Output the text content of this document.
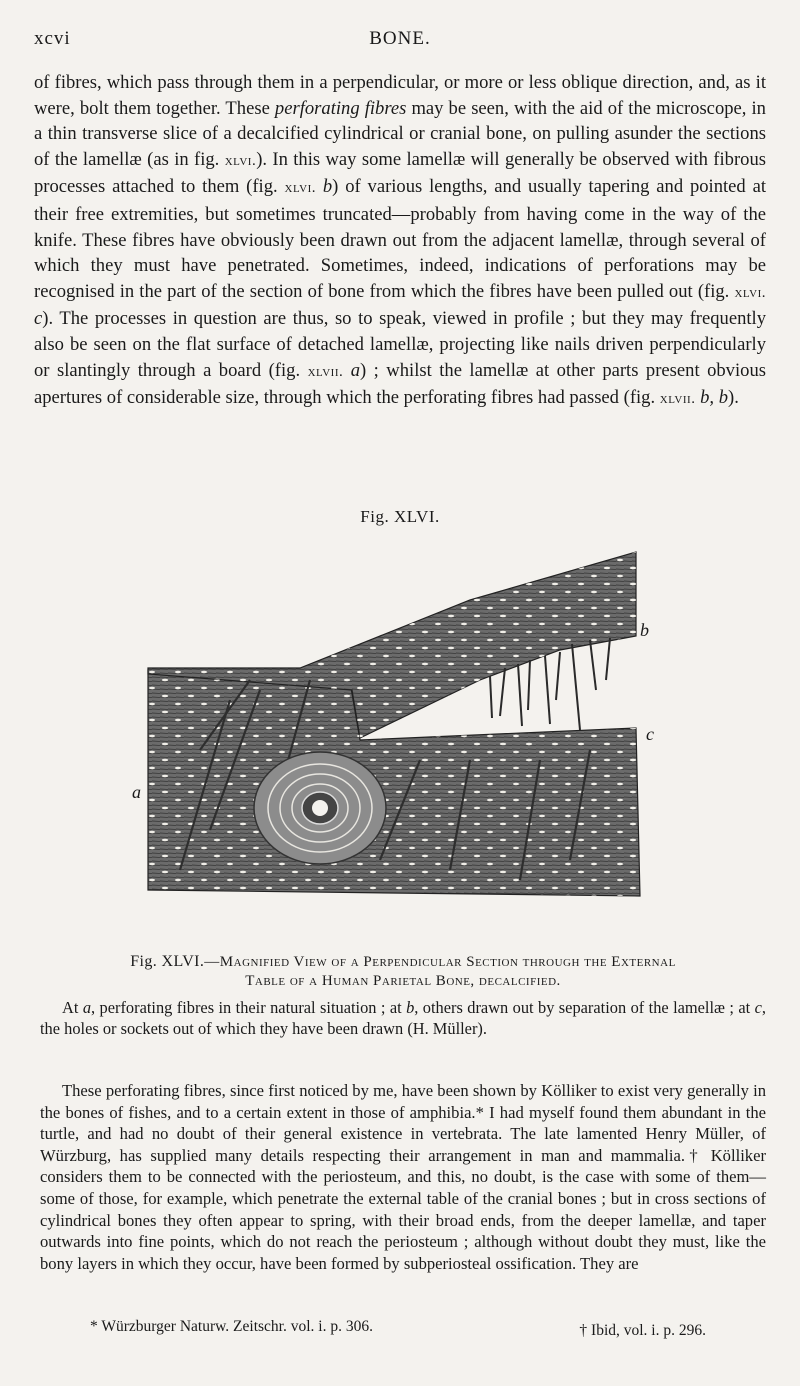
xcvi	BONE.

of fibres, which pass through them in a perpendicular, or more or less oblique direction, and, as it were, bolt them together. These perforating fibres may be seen, with the aid of the microscope, in a thin transverse slice of a decalcified cylindrical or cranial bone, on pulling asunder the sections of the lamellæ (as in fig. xlvi.). In this way some lamellæ will generally be observed with fibrous processes attached to them (fig. xlvi. b) of various lengths, and usually tapering and pointed at their free extremities, but sometimes truncated—probably from having come in the way of the knife. These fibres have obviously been drawn out from the adjacent lamellæ, through several of which they must have penetrated. Sometimes, indeed, indications of perforations may be recognised in the part of the section of bone from which the fibres have been pulled out (fig. xlvi. c). The processes in question are thus, so to speak, viewed in profile ; but they may frequently also be seen on the flat surface of detached lamellæ, projecting like nails driven perpendicularly or slantingly through a board (fig. xlvii. a) ; whilst the lamellæ at other parts present obvious apertures of considerable size, through which the perforating fibres had passed (fig. xlvii. b, b).

Fig. XLVI.
a
b
c
Fig. XLVI.—Magnified View of a Perpendicular Section through the External
Table of a Human Parietal Bone, decalcified.
At a, perforating fibres in their natural situation ; at b, others drawn out by separation of the lamellæ ; at c, the holes or sockets out of which they have been drawn (H. Müller).
These perforating fibres, since first noticed by me, have been shown by Kölliker to exist very generally in the bones of fishes, and to a certain extent in those of amphibia.* I had myself found them abundant in the turtle, and had no doubt of their general existence in vertebrata. The late lamented Henry Müller, of Würzburg, has supplied many details respecting their arrangement in man and mammalia.† Kölliker considers them to be connected with the periosteum, and this, no doubt, is the case with some of them—some of those, for example, which penetrate the external table of the cranial bones ; but in cross sections of cylindrical bones they often appear to spring, with their broad ends, from the deeper lamellæ, and taper outwards into fine points, which do not reach the periosteum ; although without doubt they must, like the bony layers in which they occur, have been formed by subperiosteal ossification. They are
* Würzburger Naturw. Zeitschr. vol. i. p. 306.	† Ibid, vol. i. p. 296.
